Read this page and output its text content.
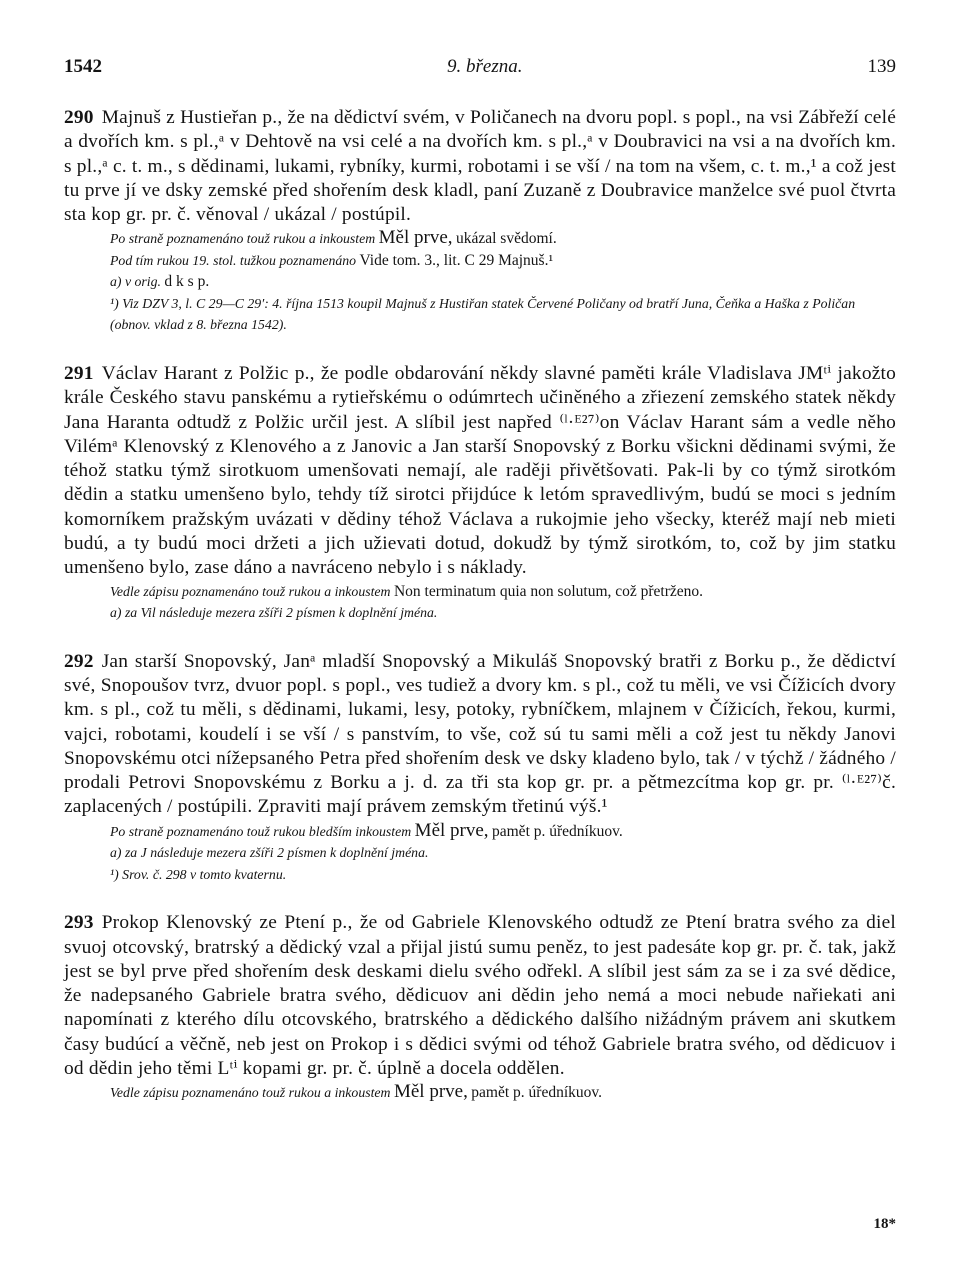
1542	9. března.	139
290 Majnuš z Hustieřan p., že na dědictví svém, v Poličanech na dvoru popl. s popl., na vsi Zábřeží celé a dvořích km. s pl.,ᵃ v Dehtově na vsi celé a na dvořích km. s pl.,ᵃ v Doubravici na vsi a na dvořích km. s pl.,ᵃ c. t. m., s dědinami, lukami, rybníky, kurmi, robotami i se vší / na tom na všem, c. t. m.,¹ a což jest tu prve jí ve dsky zemské před shořením desk kladl, paní Zuzaně z Doubravice manželce své puol čtvrta sta kop gr. pr. č. věnoval / ukázal / postúpil.
Po straně poznamenáno touž rukou a inkoustem Měl prve, ukázal svědomí.
Pod tím rukou 19. stol. tužkou poznamenáno Vide tom. 3., lit. C 29 Majnuš.¹
a) v orig. d k s p.
¹) Viz DZV 3, l. C 29—C 29′: 4. října 1513 koupil Majnuš z Hustiřan statek Červené Poličany od bratří Juna, Čeňka a Haška z Poličan (obnov. vklad z 8. března 1542).
291 Václav Harant z Polžic p., že podle obdarování někdy slavné paměti krále Vladislava JMᵗⁱ jakožto krále Českého stavu panskému a rytieřskému o odúmrtech učiněného a zřiezení zemského statek někdy Jana Haranta odtudž z Polžic určil jest. A slíbil jest napřed ⁽ˡ·ᴱ²⁷⁾on Václav Harant sám a vedle něho Vilémᵃ Klenovský z Klenového a z Janovic a Jan starší Snopovský z Borku všickni dědinami svými, že téhož statku týmž sirotkuom umenšovati nemají, ale raději přivětšovati. Pak-li by co týmž sirotkóm dědin a statku umenšeno bylo, tehdy tíž sirotci přijdúce k letóm spravedlivým, budú se moci s jedním komorníkem pražským uvázati v dědiny téhož Václava a rukojmie jeho všecky, kteréž mají neb mieti budú, a ty budú moci držeti a jich užievati dotud, dokudž by týmž sirotkóm, to, což by jim statku umenšeno bylo, zase dáno a navráceno nebylo i s náklady.
Vedle zápisu poznamenáno touž rukou a inkoustem Non terminatum quia non solutum, což přetrženo.
a) za Vil následuje mezera zšíři 2 písmen k doplnění jména.
292 Jan starší Snopovský, Janᵃ mladší Snopovský a Mikuláš Snopovský bratři z Borku p., že dědictví své, Snopoušov tvrz, dvuor popl. s popl., ves tudiež a dvory km. s pl., což tu měli, ve vsi Čížicích dvory km. s pl., což tu měli, s dědinami, lukami, lesy, potoky, rybníčkem, mlajnem v Čížicích, řekou, kurmi, vajci, robotami, koudelí i se vší / s panstvím, to vše, což sú tu sami měli a což jest tu někdy Janovi Snopovskému otci nížepsaného Petra před shořením desk ve dsky kladeno bylo, tak / v týchž / žádného / prodali Petrovi Snopovskému z Borku a j. d. za tři sta kop gr. pr. a pětmezcítma kop gr. pr. ⁽ˡ·ᴱ²⁷⁾č. zaplacených / postúpili. Zpraviti mají právem zemským třetinú výš.¹
Po straně poznamenáno touž rukou bledším inkoustem Měl prve, pamět p. úředníkuov.
a) za J následuje mezera zšíři 2 písmen k doplnění jména.
¹) Srov. č. 298 v tomto kvaternu.
293 Prokop Klenovský ze Ptení p., že od Gabriele Klenovského odtudž ze Ptení bratra svého za diel svuoj otcovský, bratrský a dědický vzal a přijal jistú sumu peněz, to jest padesáte kop gr. pr. č. tak, jakž jest se byl prve před shořením desk deskami dielu svého odřekl. A slíbil jest sám za se i za své dědice, že nadepsaného Gabriele bratra svého, dědicuov ani dědin jeho nemá a moci nebude nařiekati ani napomínati z kterého dílu otcovského, bratrského a dědického dalšího nižádným právem ani skutkem časy budúcí a věčně, neb jest on Prokop i s dědici svými od téhož Gabriele bratra svého, od dědicuov i od dědin jeho těmi Lᵗⁱ kopami gr. pr. č. úplně a docela oddělen.
Vedle zápisu poznamenáno touž rukou a inkoustem Měl prve, pamět p. úředníkuov.
18*
